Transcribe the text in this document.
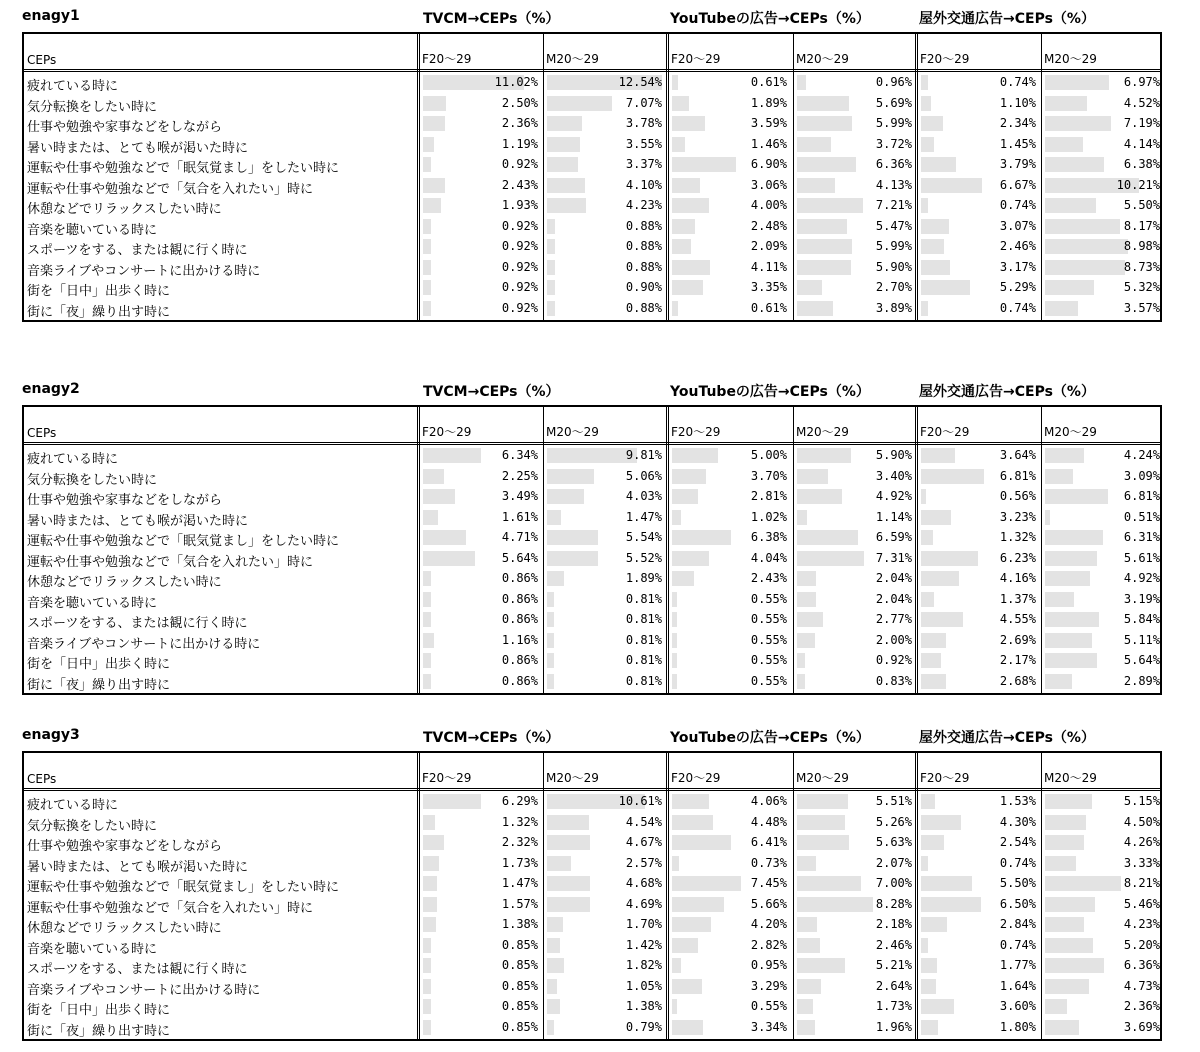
enagy1	TVCM→CEPs（%）	YouTubeの広告→CEPs（%）	屋外交通広告→CEPs（%）
CEPs	F20～29	M20～29	F20～29	M20～29	F20～29	M20～29
疲れている時に	11.02%	12.54%	0.61%	0.96%	0.74%	6.97%
気分転換をしたい時に	2.50%	7.07%	1.89%	5.69%	1.10%	4.52%
仕事や勉強や家事などをしながら	2.36%	3.78%	3.59%	5.99%	2.34%	7.19%
暑い時または、とても喉が渇いた時に	1.19%	3.55%	1.46%	3.72%	1.45%	4.14%
運転や仕事や勉強などで「眠気覚まし」をしたい時に	0.92%	3.37%	6.90%	6.36%	3.79%	6.38%
運転や仕事や勉強などで「気合を入れたい」時に	2.43%	4.10%	3.06%	4.13%	6.67%	10.21%
休憩などでリラックスしたい時に	1.93%	4.23%	4.00%	7.21%	0.74%	5.50%
音楽を聴いている時に	0.92%	0.88%	2.48%	5.47%	3.07%	8.17%
スポーツをする、または観に行く時に	0.92%	0.88%	2.09%	5.99%	2.46%	8.98%
音楽ライブやコンサートに出かける時に	0.92%	0.88%	4.11%	5.90%	3.17%	8.73%
街を「日中」出歩く時に	0.92%	0.90%	3.35%	2.70%	5.29%	5.32%
街に「夜」繰り出す時に	0.92%	0.88%	0.61%	3.89%	0.74%	3.57%
enagy2	TVCM→CEPs（%）	YouTubeの広告→CEPs（%）	屋外交通広告→CEPs（%）
CEPs	F20～29	M20～29	F20～29	M20～29	F20～29	M20～29
疲れている時に	6.34%	9.81%	5.00%	5.90%	3.64%	4.24%
気分転換をしたい時に	2.25%	5.06%	3.70%	3.40%	6.81%	3.09%
仕事や勉強や家事などをしながら	3.49%	4.03%	2.81%	4.92%	0.56%	6.81%
暑い時または、とても喉が渇いた時に	1.61%	1.47%	1.02%	1.14%	3.23%	0.51%
運転や仕事や勉強などで「眠気覚まし」をしたい時に	4.71%	5.54%	6.38%	6.59%	1.32%	6.31%
運転や仕事や勉強などで「気合を入れたい」時に	5.64%	5.52%	4.04%	7.31%	6.23%	5.61%
休憩などでリラックスしたい時に	0.86%	1.89%	2.43%	2.04%	4.16%	4.92%
音楽を聴いている時に	0.86%	0.81%	0.55%	2.04%	1.37%	3.19%
スポーツをする、または観に行く時に	0.86%	0.81%	0.55%	2.77%	4.55%	5.84%
音楽ライブやコンサートに出かける時に	1.16%	0.81%	0.55%	2.00%	2.69%	5.11%
街を「日中」出歩く時に	0.86%	0.81%	0.55%	0.92%	2.17%	5.64%
街に「夜」繰り出す時に	0.86%	0.81%	0.55%	0.83%	2.68%	2.89%
enagy3	TVCM→CEPs（%）	YouTubeの広告→CEPs（%）	屋外交通広告→CEPs（%）
CEPs	F20～29	M20～29	F20～29	M20～29	F20～29	M20～29
疲れている時に	6.29%	10.61%	4.06%	5.51%	1.53%	5.15%
気分転換をしたい時に	1.32%	4.54%	4.48%	5.26%	4.30%	4.50%
仕事や勉強や家事などをしながら	2.32%	4.67%	6.41%	5.63%	2.54%	4.26%
暑い時または、とても喉が渇いた時に	1.73%	2.57%	0.73%	2.07%	0.74%	3.33%
運転や仕事や勉強などで「眠気覚まし」をしたい時に	1.47%	4.68%	7.45%	7.00%	5.50%	8.21%
運転や仕事や勉強などで「気合を入れたい」時に	1.57%	4.69%	5.66%	8.28%	6.50%	5.46%
休憩などでリラックスしたい時に	1.38%	1.70%	4.20%	2.18%	2.84%	4.23%
音楽を聴いている時に	0.85%	1.42%	2.82%	2.46%	0.74%	5.20%
スポーツをする、または観に行く時に	0.85%	1.82%	0.95%	5.21%	1.77%	6.36%
音楽ライブやコンサートに出かける時に	0.85%	1.05%	3.29%	2.64%	1.64%	4.73%
街を「日中」出歩く時に	0.85%	1.38%	0.55%	1.73%	3.60%	2.36%
街に「夜」繰り出す時に	0.85%	0.79%	3.34%	1.96%	1.80%	3.69%
